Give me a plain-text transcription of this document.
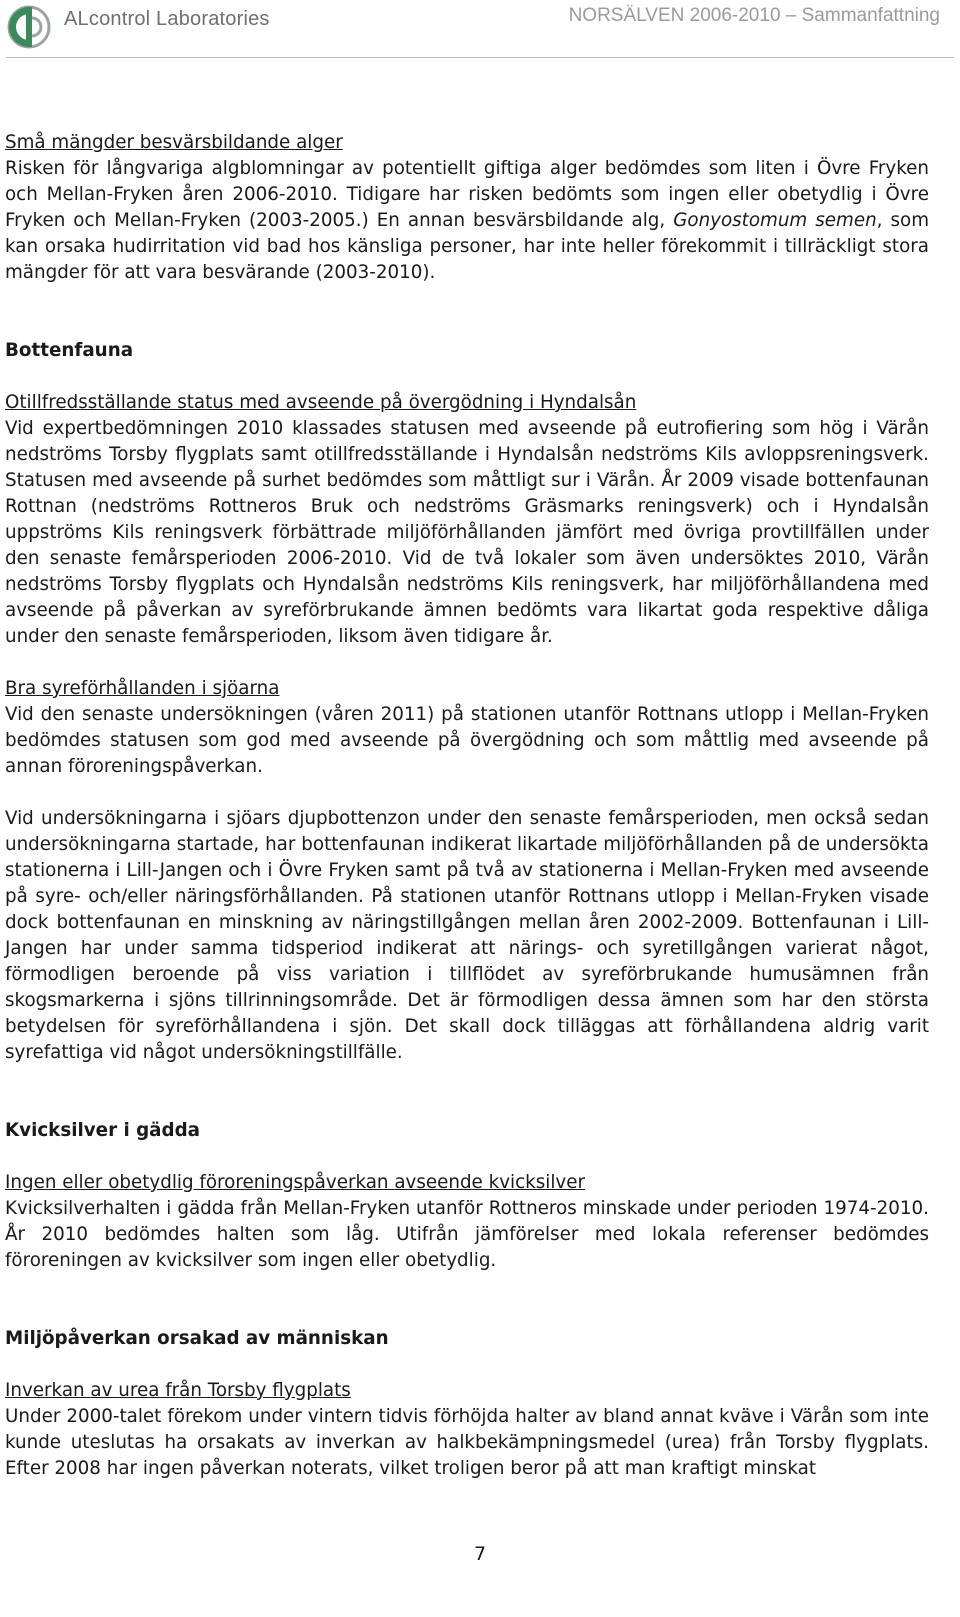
ALcontrol Laboratories	NORSÄLVEN 2006-2010 – Sammanfattning

Små mängder besvärsbildande alger

Risken för långvariga algblomningar av potentiellt giftiga alger bedömdes som liten i Övre Fryken och Mellan-Fryken åren 2006-2010. Tidigare har risken bedömts som ingen eller obetydlig i Övre Fryken och Mellan-Fryken (2003-2005.) En annan besvärsbildande alg, Gonyostomum semen, som kan orsaka hudirritation vid bad hos känsliga personer, har inte heller förekommit i tillräckligt stora mängder för att vara besvärande (2003-2010).

Bottenfauna

Otillfredsställande status med avseende på övergödning i Hyndalsån

Vid expertbedömningen 2010 klassades statusen med avseende på eutrofiering som hög i Värån nedströms Torsby flygplats samt otillfredsställande i Hyndalsån nedströms Kils avloppsreningsverk. Statusen med avseende på surhet bedömdes som måttligt sur i Värån. År 2009 visade bottenfaunan Rottnan (nedströms Rottneros Bruk och nedströms Gräsmarks reningsverk) och i Hyndalsån uppströms Kils reningsverk förbättrade miljöförhållanden jämfört med övriga provtillfällen under den senaste femårsperioden 2006-2010. Vid de två lokaler som även undersöktes 2010, Värån nedströms Torsby flygplats och Hyndalsån nedströms Kils reningsverk, har miljöförhållandena med avseende på påverkan av syreförbrukande ämnen bedömts vara likartat goda respektive dåliga under den senaste femårsperioden, liksom även tidigare år.

Bra syreförhållanden i sjöarna

Vid den senaste undersökningen (våren 2011) på stationen utanför Rottnans utlopp i Mellan-Fryken bedömdes statusen som god med avseende på övergödning och som måttlig med avseende på annan föroreningspåverkan.

Vid undersökningarna i sjöars djupbottenzon under den senaste femårsperioden, men också sedan undersökningarna startade, har bottenfaunan indikerat likartade miljöförhållanden på de undersökta stationerna i Lill-Jangen och i Övre Fryken samt på två av stationerna i Mellan-Fryken med avseende på syre- och/eller näringsförhållanden. På stationen utanför Rottnans utlopp i Mellan-Fryken visade dock bottenfaunan en minskning av näringstillgången mellan åren 2002-2009. Bottenfaunan i Lill-Jangen har under samma tidsperiod indikerat att närings- och syretillgången varierat något, förmodligen beroende på viss variation i tillflödet av syreförbrukande humusämnen från skogsmarkerna i sjöns tillrinningsområde. Det är förmodligen dessa ämnen som har den största betydelsen för syreförhållandena i sjön. Det skall dock tilläggas att förhållandena aldrig varit syrefattiga vid något undersökningstillfälle.

Kvicksilver i gädda

Ingen eller obetydlig föroreningspåverkan avseende kvicksilver

Kvicksilverhalten i gädda från Mellan-Fryken utanför Rottneros minskade under perioden 1974-2010. År 2010 bedömdes halten som låg. Utifrån jämförelser med lokala referenser bedömdes föroreningen av kvicksilver som ingen eller obetydlig.

Miljöpåverkan orsakad av människan

Inverkan av urea från Torsby flygplats

Under 2000-talet förekom under vintern tidvis förhöjda halter av bland annat kväve i Värån som inte kunde uteslutas ha orsakats av inverkan av halkbekämpningsmedel (urea) från Torsby flygplats. Efter 2008 har ingen påverkan noterats, vilket troligen beror på att man kraftigt minskat

7
